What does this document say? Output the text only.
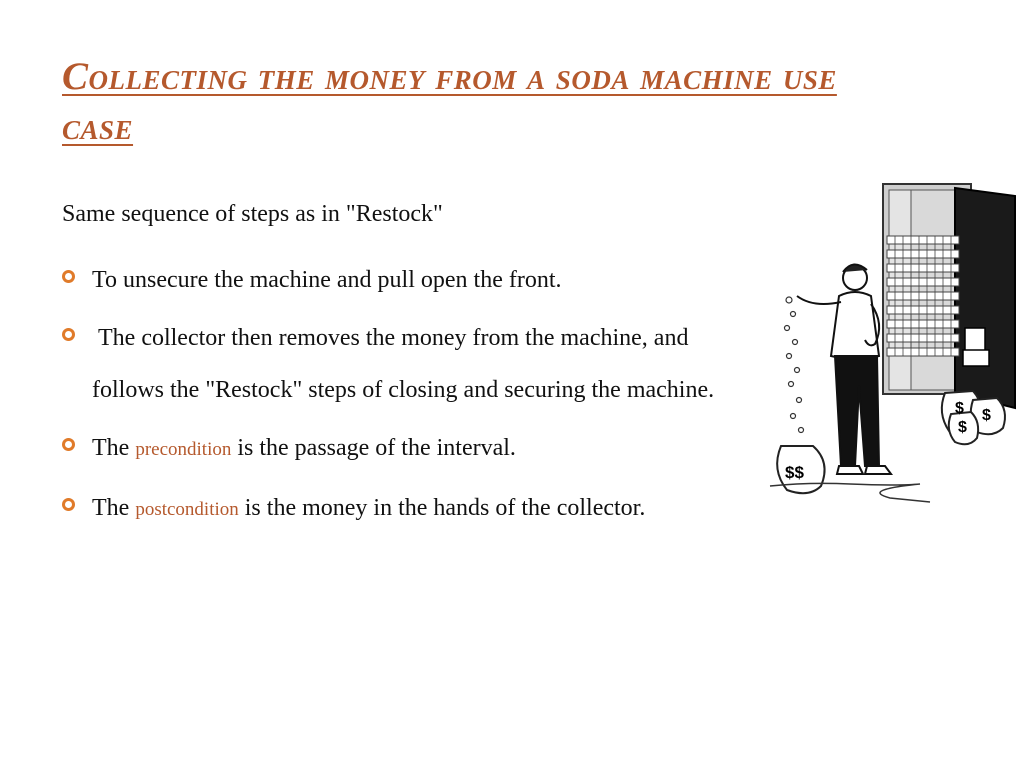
Collecting the money from a soda machine use case

Same sequence of steps as in "Restock"

To unsecure the machine and pull open the front.
The collector then removes the money from the machine, and follows the "Restock" steps of closing and securing the machine.
The precondition is the passage of the interval.
The postcondition is the money in the hands of the collector.
$ $
$
$$
